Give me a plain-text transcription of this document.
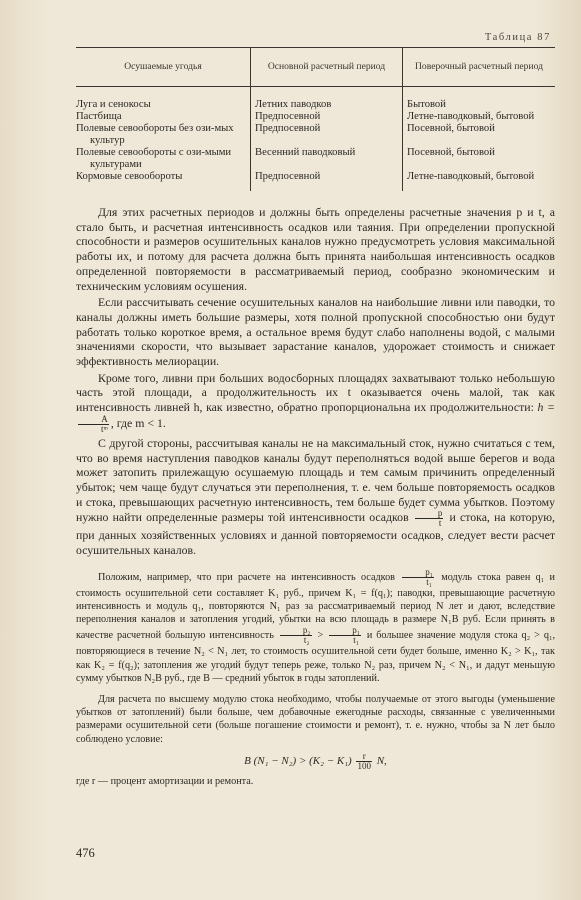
Таблица 87
Осушаемые угодья	Основной расчетный период	Поверочный расчетный период

Луга и сенокосы	Летних паводков	Бытовой

Пастбища	Предпосевной	Летне-паводковый, бытовой

Полевые севообороты без ози-мых культур	Предпосевной	Посевной, бытовой

Полевые севообороты с ози-мыми культурами	Весенний паводковый	Посевной, бытовой

Кормовые севообороты	Предпосевной	Летне-паводковый, бытовой

Для этих расчетных периодов и должны быть определены расчетные значения p и t, а стало быть, и расчетная интенсивность осадков или таяния. При определении пропускной способности и размеров осушительных каналов нужно предусмотреть условия максимальной работы их, и потому для расчета должна быть принята наибольшая интенсивность осадков определенной повторяемости в рассматриваемый период, сообразно экономическим и техническим условиям осушения.

Если рассчитывать сечение осушительных каналов на наибольшие ливни или паводки, то каналы должны иметь большие размеры, хотя полной пропускной способностью они будут работать только короткое время, а остальное время будут слабо наполнены водой, с малыми значениями скорости, что вызывает зарастание каналов, удорожает стоимость и снижает эффективность мелиорации.

Кроме того, ливни при больших водосборных площадях захватывают только небольшую часть этой площади, а продолжительность их t оказывается очень малой, так как интенсивность ливней h, как известно, обратно пропорциональна их продолжительности: h =
$\frac{A}{\text{tᵐ}}$ , где m < 1.

С другой стороны, рассчитывая каналы не на максимальный сток, нужно считаться с тем, что во время наступления паводков каналы будут переполняться водой выше берегов и вода может затопить прилежащую осушаемую площадь и тем самым причинить определенный убыток; чем чаще будут случаться эти переполнения, т. е. чем больше повторяемость осадков и стока, превышающих расчетную интенсивность, тем больше будет сумма убытков. Поэтому нужно найти определенные размеры той интенсивности осадков $\frac{p}{t}$ и стока, на которую, при данных хозяйственных условиях и данной повторяемости осадков, следует вести расчет осушительных каналов.

Положим, например, что при расчете на интенсивность осадков $\frac{\text{p₁}}{\text{t₁}}$ модуль стока равен q₁ и стоимость осушительной сети составляет K₁ руб., причем K₁ = f(q₁); паводки, превышающие расчетную интенсивность и модуль q₁, повторяются N₁ раз за рассматриваемый период N лет и дают, вследствие переполнения каналов и затопления угодий, убытки на всю площадь в размере N₁B руб. Если принять в качестве расчетной большую интенсивность $\frac{\text{p₂}}{\text{t₂}} > \frac{\text{p₁}}{\text{t₁}}$ и большее значение модуля стока q₂ > q₁, повторяющиеся в течение N₂ < N₁ лет, то стоимость осушительной сети будет больше, именно K₂ > K₁, так как K₂ = f(q₂); затопления же угодий будут теперь реже, только N₂ раз, причем N₂ < N₁, и дадут меньшую сумму убытков N₂B руб., где B — средний убыток в годы затоплений.

Для расчета по высшему модулю стока необходимо, чтобы получаемые от этого выгоды (уменьшение убытков от затоплений) были больше, чем добавочные ежегодные расходы, связанные с увеличенными размерами осушительной сети (больше погашение стоимости и ремонт), т. е. нужно, чтобы за N лет было соблюдено условие:

B $(N_1 - N_2) > (K_2 - K_1) \frac{r}{100} N$,

где r — процент амортизации и ремонта.

476
